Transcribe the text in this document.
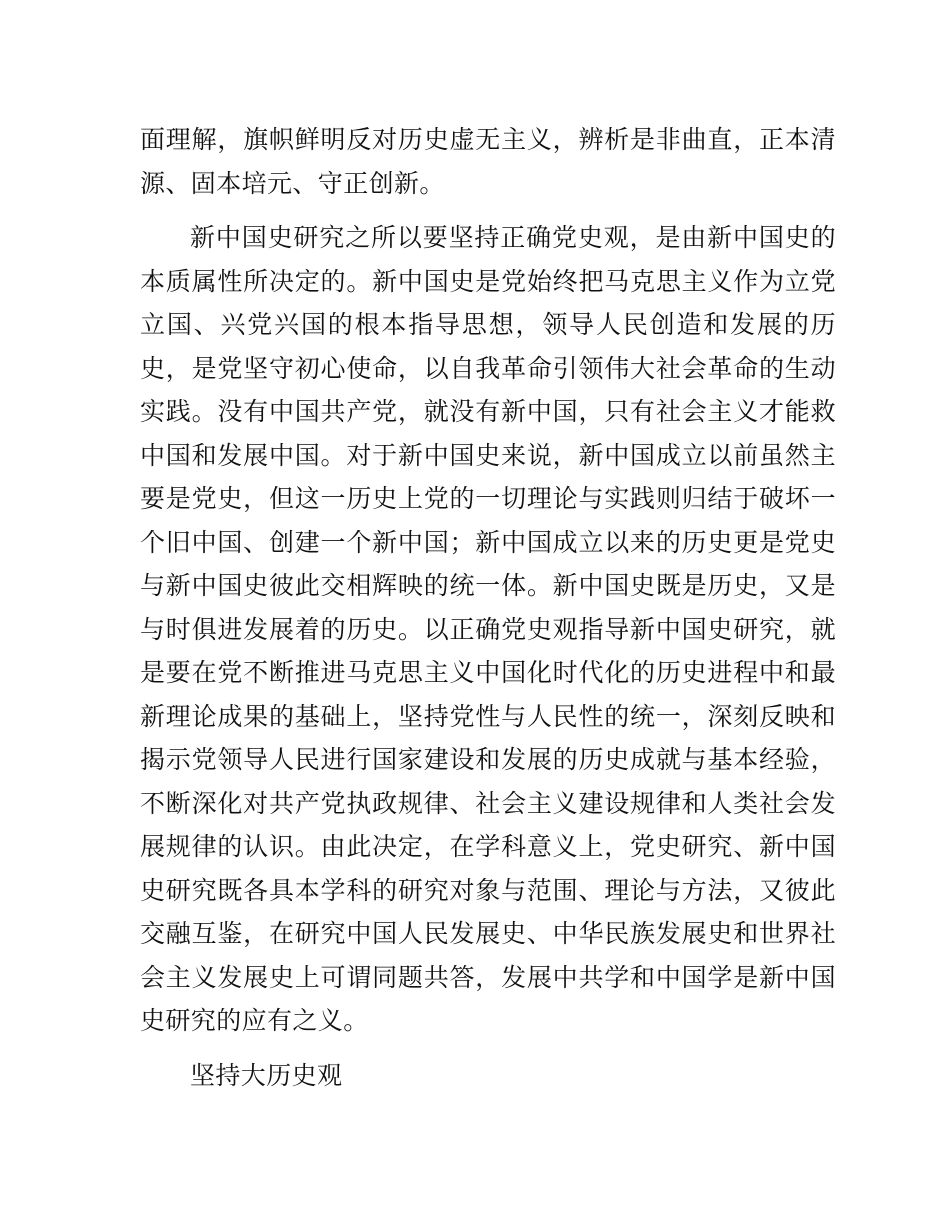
面理解，旗帜鲜明反对历史虚无主义，辨析是非曲直，正本清源、固本培元、守正创新。

新中国史研究之所以要坚持正确党史观，是由新中国史的本质属性所决定的。新中国史是党始终把马克思主义作为立党立国、兴党兴国的根本指导思想，领导人民创造和发展的历史，是党坚守初心使命，以自我革命引领伟大社会革命的生动实践。没有中国共产党，就没有新中国，只有社会主义才能救中国和发展中国。对于新中国史来说，新中国成立以前虽然主要是党史，但这一历史上党的一切理论与实践则归结于破坏一个旧中国、创建一个新中国；新中国成立以来的历史更是党史与新中国史彼此交相辉映的统一体。新中国史既是历史，又是与时俱进发展着的历史。以正确党史观指导新中国史研究，就是要在党不断推进马克思主义中国化时代化的历史进程中和最新理论成果的基础上，坚持党性与人民性的统一，深刻反映和揭示党领导人民进行国家建设和发展的历史成就与基本经验，不断深化对共产党执政规律、社会主义建设规律和人类社会发展规律的认识。由此决定，在学科意义上，党史研究、新中国史研究既各具本学科的研究对象与范围、理论与方法，又彼此交融互鉴，在研究中国人民发展史、中华民族发展史和世界社会主义发展史上可谓同题共答，发展中共学和中国学是新中国史研究的应有之义。

坚持大历史观
